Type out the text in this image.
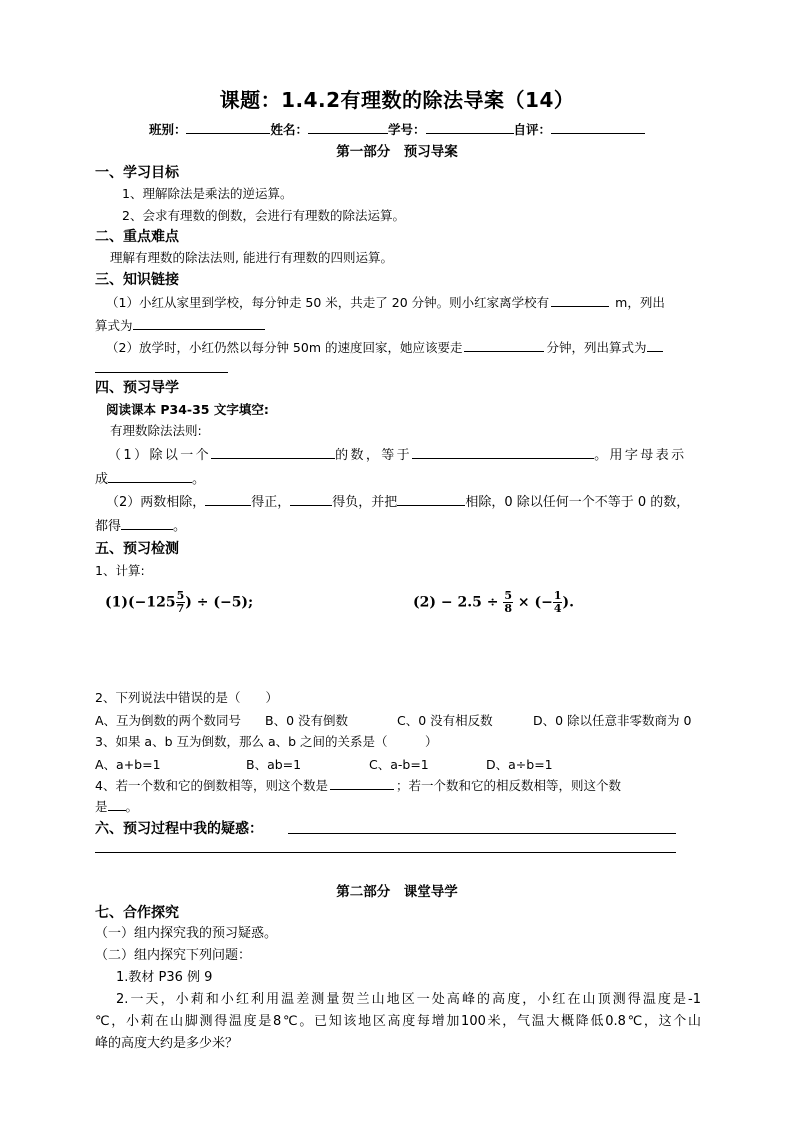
课题：1.4.2有理数的除法导案（14）
班别：	姓名：	学号：	自评：
第一部分　预习导案
一、学习目标
1、理解除法是乘法的逆运算。
2、会求有理数的倒数，会进行有理数的除法运算。
二、重点难点
理解有理数的除法法则, 能进行有理数的四则运算。
三、知识链接
（1）小红从家里到学校，每分钟走 50 米，共走了 20 分钟。则小红家离学校有	m，列出
算式为
（2）放学时，小红仍然以每分钟 50m 的速度回家，她应该要走	分钟，列出算式为
四、预习导学
阅读课本 P34-35 文字填空:
有理数除法法则:
（1）除以一个	的数，等于	。用字母表示
成	。
（2）两数相除，	得正，	得负，并把	相除，0 除以任何一个不等于 0 的数，
都得	。
五、预习检测
1、计算:
$(1)(-125 \frac{5}{7}$ ) ÷ (−5);	$(2) - 2.5 \div \frac{5}{8}$ × (− $\frac{1}{4}$ ).
2、下列说法中错误的是（　　）
A、互为倒数的两个数同号 B、0 没有倒数	C、0 没有相反数	D、0 除以任意非零数商为 0
3、如果 a、b 互为倒数，那么 a、b 之间的关系是（　　　）
A、a+b=1	B、ab=1	C、a-b=1	D、a÷b=1
4、若一个数和它的倒数相等，则这个数是	；若一个数和它的相反数相等，则这个数
是 。
六、预习过程中我的疑惑：
第二部分　课堂导学
七、合作探究
（一）组内探究我的预习疑惑。
（二）组内探究下列问题：
1.教材 P36 例 9
2.一天，小莉和小红利用温差测量贺兰山地区一处高峰的高度，小红在山顶测得温度是-1
℃，小莉在山脚测得温度是8℃。已知该地区高度每增加100米，气温大概降低0.8℃，这个山
峰的高度大约是多少米？
